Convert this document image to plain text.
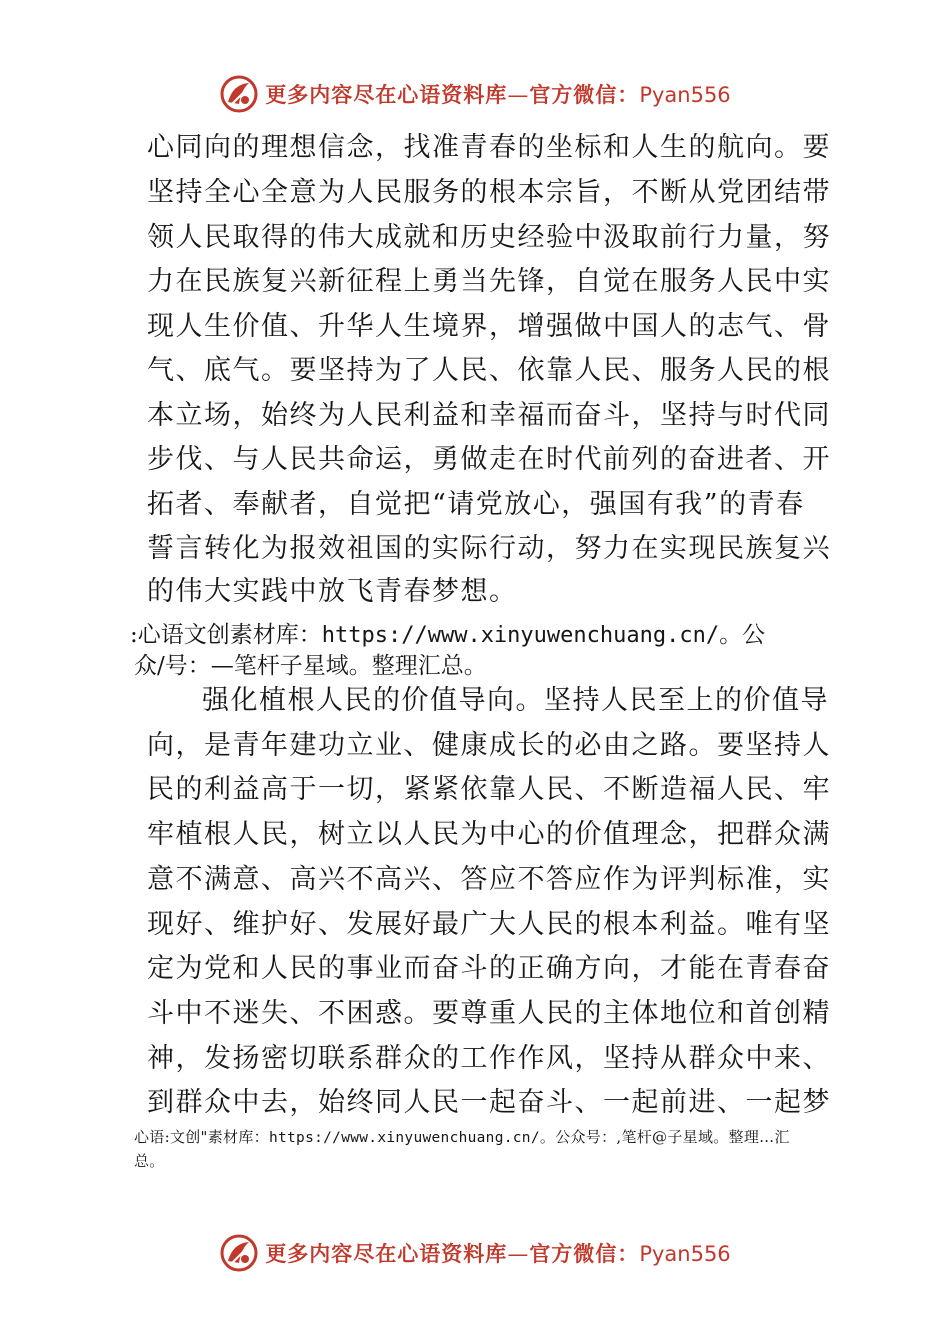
更多内容尽在心语资料库—官方微信：Pyan556
心同向的理想信念，找准青春的坐标和人生的航向。要
坚持全心全意为人民服务的根本宗旨，不断从党团结带
领人民取得的伟大成就和历史经验中汲取前行力量，努
力在民族复兴新征程上勇当先锋，自觉在服务人民中实
现人生价值、升华人生境界，增强做中国人的志气、骨
气、底气。要坚持为了人民、依靠人民、服务人民的根
本立场，始终为人民利益和幸福而奋斗，坚持与时代同
步伐、与人民共命运，勇做走在时代前列的奋进者、开
拓者、奉献者，自觉把“请党放心，强国有我”的青春
誓言转化为报效祖国的实际行动，努力在实现民族复兴
的伟大实践中放飞青春梦想。
:心语文创素材库：https://www.xinyuwenchuang.cn/。公
众/号：—笔杆子星域。整理汇总。
强化植根人民的价值导向。坚持人民至上的价值导
向，是青年建功立业、健康成长的必由之路。要坚持人
民的利益高于一切，紧紧依靠人民、不断造福人民、牢
牢植根人民，树立以人民为中心的价值理念，把群众满
意不满意、高兴不高兴、答应不答应作为评判标准，实
现好、维护好、发展好最广大人民的根本利益。唯有坚
定为党和人民的事业而奋斗的正确方向，才能在青春奋
斗中不迷失、不困惑。要尊重人民的主体地位和首创精
神，发扬密切联系群众的工作作风，坚持从群众中来、
到群众中去，始终同人民一起奋斗、一起前进、一起梦
心语:文创"素材库：https://www.xinyuwenchuang.cn/。公众号：,笔杆@子星域。整理…汇
总。
更多内容尽在心语资料库—官方微信：Pyan556
